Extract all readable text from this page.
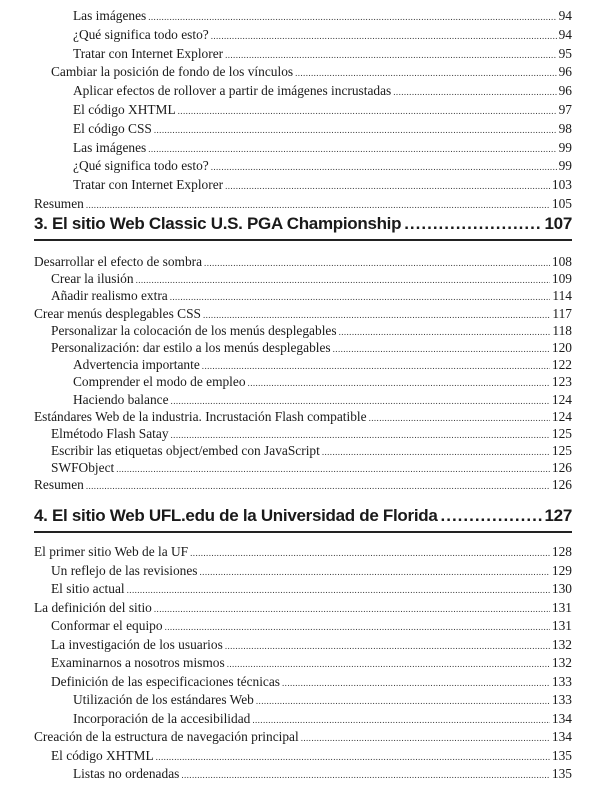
Las imágenes .....	94
¿Qué significa todo esto? .....	94
Tratar con Internet Explorer .....	95
Cambiar la posición de fondo de los vínculos .....	96
Aplicar efectos de rollover a partir de imágenes incrustadas .....	96
El código XHTML .....	97
El código CSS .....	98
Las imágenes .....	99
¿Qué significa todo esto? .....	99
Tratar con Internet Explorer .....	103
Resumen .....	105
3. El sitio Web Classic U.S. PGA Championship .....	107
Desarrollar el efecto de sombra .....	108
Crear la ilusión .....	109
Añadir realismo extra .....	114
Crear menús desplegables CSS .....	117
Personalizar la colocación de los menús desplegables .....	118
Personalización: dar estilo a los menús desplegables .....	120
Advertencia importante .....	122
Comprender el modo de empleo .....	123
Haciendo balance .....	124
Estándares Web de la industria. Incrustación Flash compatible .....	124
Elmétodo Flash Satay .....	125
Escribir las etiquetas object/embed con JavaScript .....	125
SWFObject .....	126
Resumen .....	126
4. El sitio Web UFL.edu de la Universidad de Florida .....	127
El primer sitio Web de la UF .....	128
Un reflejo de las revisiones .....	129
El sitio actual .....	130
La definición del sitio .....	131
Conformar el equipo .....	131
La investigación de los usuarios .....	132
Examinarnos a nosotros mismos .....	132
Definición de las especificaciones técnicas .....	133
Utilización de los estándares Web .....	133
Incorporación de la accesibilidad .....	134
Creación de la estructura de navegación principal .....	134
El código XHTML .....	135
Listas no ordenadas .....	135
